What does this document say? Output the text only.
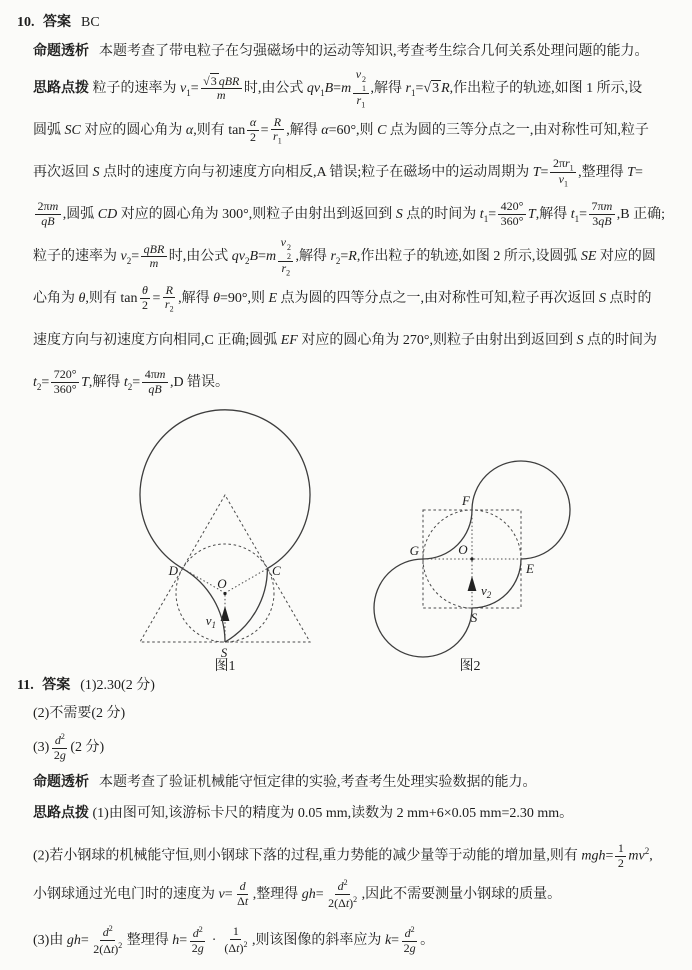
10. 答案 BC
命题透析 本题考查了带电粒子在匀强磁场中的运动等知识,考查考生综合几何关系处理问题的能力。
思路点拨 粒子的速率为 $v_1= \frac{\text{√3 qBR}}{m}$ 时,由公式 $qv_1B=m$ v 2
1
$r_1$ ,解得 $r_1=√3$ R,作出粒子的轨迹,如图 1 所示,设
圆弧 SC 对应的圆心角为 α,则有 $\tan \frac{\alpha}{2} = \frac{R}{r_1}$ ,解得 α=60°,则 C 点为圆的三等分点之一,由对称性可知,粒子
再次返回 S 点时的速度方向与初速度方向相反,A 错误;粒子在磁场中的运动周期为 $T= \frac{2\pi r_1}{v_1}$ ,整理得 T=
$\frac{2\pi m}{qB}$ ,圆弧 CD 对应的圆心角为 300°,则粒子由射出到返回到 S 点的时间为 $t_1= \frac{420^\circ}{360^\circ} T$,解得 $t_1= \frac{7\pi m}{3qB} ,B$ 正确;
粒子的速率为 $v_2= \frac{\text{qBR}}{m}$ 时,由公式 $qv_2B=m$ v 2
2
$r_2$ ,解得 $r_2=R$,作出粒子的轨迹,如图 2 所示,设圆弧 SE 对应的圆
心角为 θ,则有 $\tan \frac{\theta}{2} = \frac{R}{r_2}$ ,解得 θ=90°,则 E 点为圆的四等分点之一,由对称性可知,粒子再次返回 S 点时的
速度方向与初速度方向相同,C 正确;圆弧 EF 对应的圆心角为 270°,则粒子由射出到返回到 S 点的时间为
$t_2= \frac{720^\circ}{360^\circ} T$,解得 $t_2= \frac{4\pi m}{qB} ,D$ 错误。
D	C
O
S
$v_1$
图1
F
G	O
E
S
$v_2$
图2
11. 答案 (1)2.30(2 分)
(2)不需要(2 分)
$(3) \frac{d^2}{2g} (2$ 分)
命题透析 本题考查了验证机械能守恒定律的实验,考查考生处理实验数据的能力。
思路点拨 (1)由图可知,该游标卡尺的精度为 0.05 mm,读数为 2 mm+6×0.05 mm=2.30 mm。
(2)若小钢球的机械能守恒,则小钢球下落的过程,重力势能的减少量等于动能的增加量,则有 $mgh= \frac{1}{2} mv^2$,
小钢球通过光电门时的速度为 $v= \frac{d}{\Delta t}$ ,整理得 $gh= \frac{d^2}{2(\Delta t)^2}$ ,因此不需要测量小钢球的质量。
(3)由 $gh= \frac{d^2}{2(\Delta t)^2}$ 整理得 $h= \frac{d^2}{2g} \cdot \frac{1}{(\Delta t)^2}$ ,则该图像的斜率应为 $k= \frac{d^2}{2g}$ 。
